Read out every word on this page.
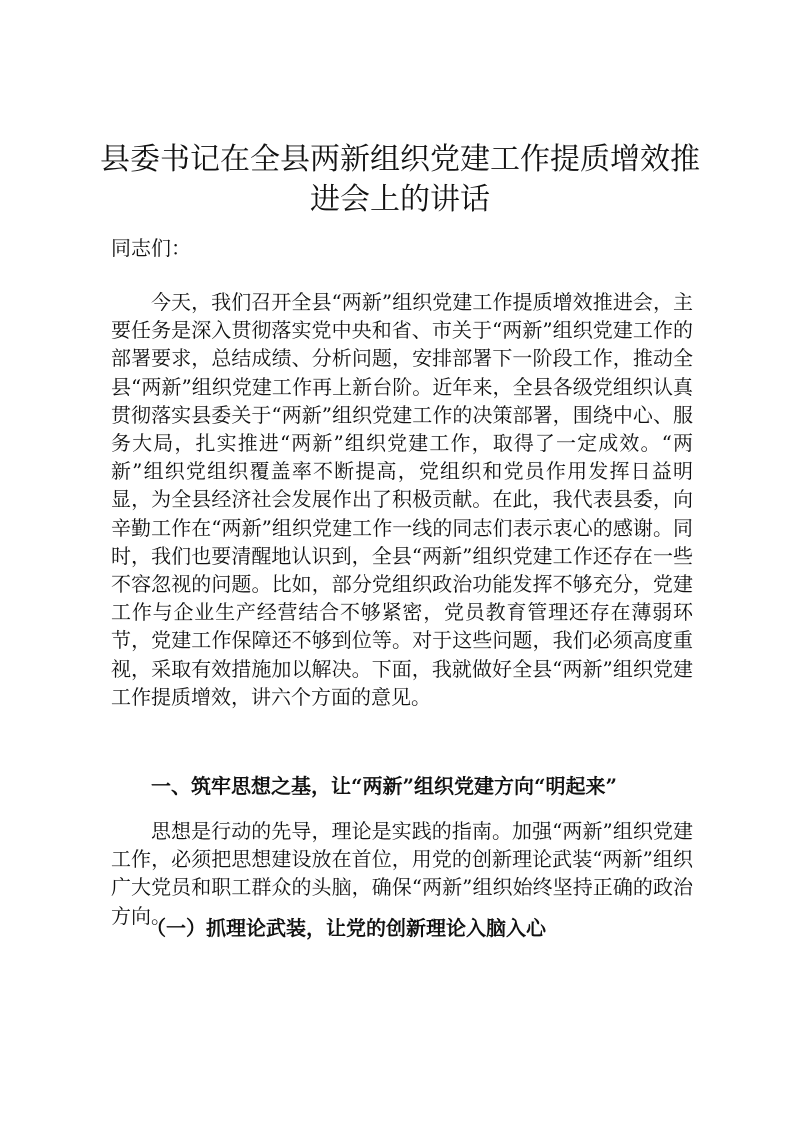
县委书记在全县两新组织党建工作提质增效推进会上的讲话

同志们：

今天，我们召开全县“两新”组织党建工作提质增效推进会，主要任务是深入贯彻落实党中央和省、市关于“两新”组织党建工作的部署要求，总结成绩、分析问题，安排部署下一阶段工作，推动全县“两新”组织党建工作再上新台阶。近年来，全县各级党组织认真贯彻落实县委关于“两新”组织党建工作的决策部署，围绕中心、服务大局，扎实推进“两新”组织党建工作，取得了一定成效。“两新”组织党组织覆盖率不断提高，党组织和党员作用发挥日益明显，为全县经济社会发展作出了积极贡献。在此，我代表县委，向辛勤工作在“两新”组织党建工作一线的同志们表示衷心的感谢。同时，我们也要清醒地认识到，全县“两新”组织党建工作还存在一些不容忽视的问题。比如，部分党组织政治功能发挥不够充分，党建工作与企业生产经营结合不够紧密，党员教育管理还存在薄弱环节，党建工作保障还不够到位等。对于这些问题，我们必须高度重视，采取有效措施加以解决。下面，我就做好全县“两新”组织党建工作提质增效，讲六个方面的意见。

一、筑牢思想之基，让“两新”组织党建方向“明起来”

思想是行动的先导，理论是实践的指南。加强“两新”组织党建工作，必须把思想建设放在首位，用党的创新理论武装“两新”组织广大党员和职工群众的头脑，确保“两新”组织始终坚持正确的政治方向。

（一）抓理论武装，让党的创新理论入脑入心
